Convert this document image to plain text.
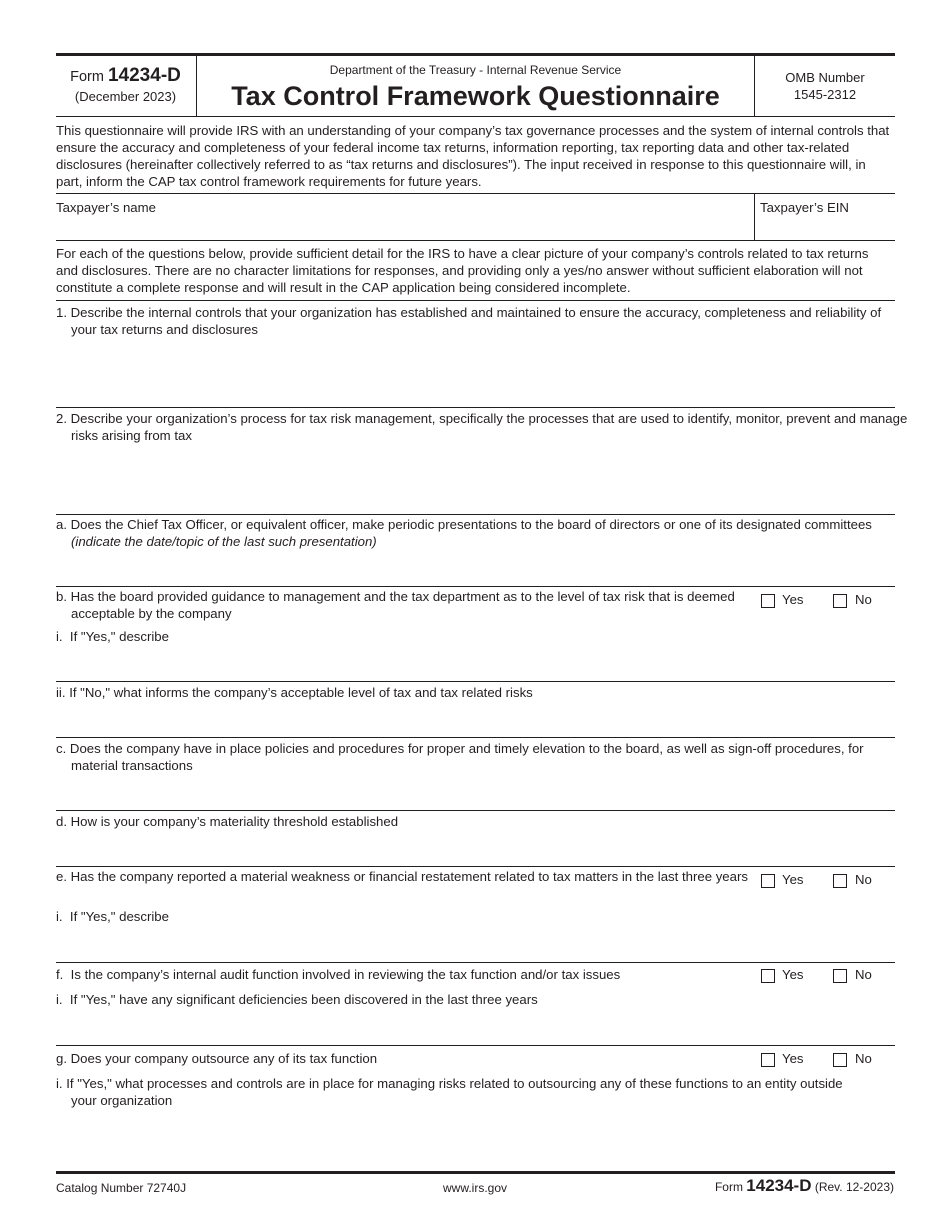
Form 14234-D
(December 2023)
Department of the Treasury - Internal Revenue Service
Tax Control Framework Questionnaire
OMB Number
1545-2312
This questionnaire will provide IRS with an understanding of your company’s tax governance processes and the system of internal controls that ensure the accuracy and completeness of your federal income tax returns, information reporting, tax reporting data and other tax-related disclosures (hereinafter collectively referred to as “tax returns and disclosures”). The input received in response to this questionnaire will, in part, inform the CAP tax control framework requirements for future years.
Taxpayer’s name	Taxpayer’s EIN
For each of the questions below, provide sufficient detail for the IRS to have a clear picture of your company’s controls related to tax returns and disclosures. There are no character limitations for responses, and providing only a yes/no answer without sufficient elaboration will not constitute a complete response and will result in the CAP application being considered incomplete.
1. Describe the internal controls that your organization has established and maintained to ensure the accuracy, completeness and reliability of your tax returns and disclosures
2. Describe your organization’s process for tax risk management, specifically the processes that are used to identify, monitor, prevent and manage risks arising from tax
a. Does the Chief Tax Officer, or equivalent officer, make periodic presentations to the board of directors or one of its designated committees (indicate the date/topic of the last such presentation)
b. Has the board provided guidance to management and the tax department as to the level of tax risk that is deemed acceptable by the company
Yes	No
i.  If "Yes," describe
ii. If "No," what informs the company’s acceptable level of tax and tax related risks
c. Does the company have in place policies and procedures for proper and timely elevation to the board, as well as sign-off procedures, for material transactions
d. How is your company’s materiality threshold established
e. Has the company reported a material weakness or financial restatement related to tax matters in the last three years	Yes	No
i.  If "Yes," describe
f.  Is the company’s internal audit function involved in reviewing the tax function and/or tax issues	Yes	No
i.  If "Yes," have any significant deficiencies been discovered in the last three years
g. Does your company outsource any of its tax function	Yes	No
i. If "Yes," what processes and controls are in place for managing risks related to outsourcing any of these functions to an entity outside your organization
Catalog Number 72740J	www.irs.gov	Form 14234-D (Rev. 12-2023)
